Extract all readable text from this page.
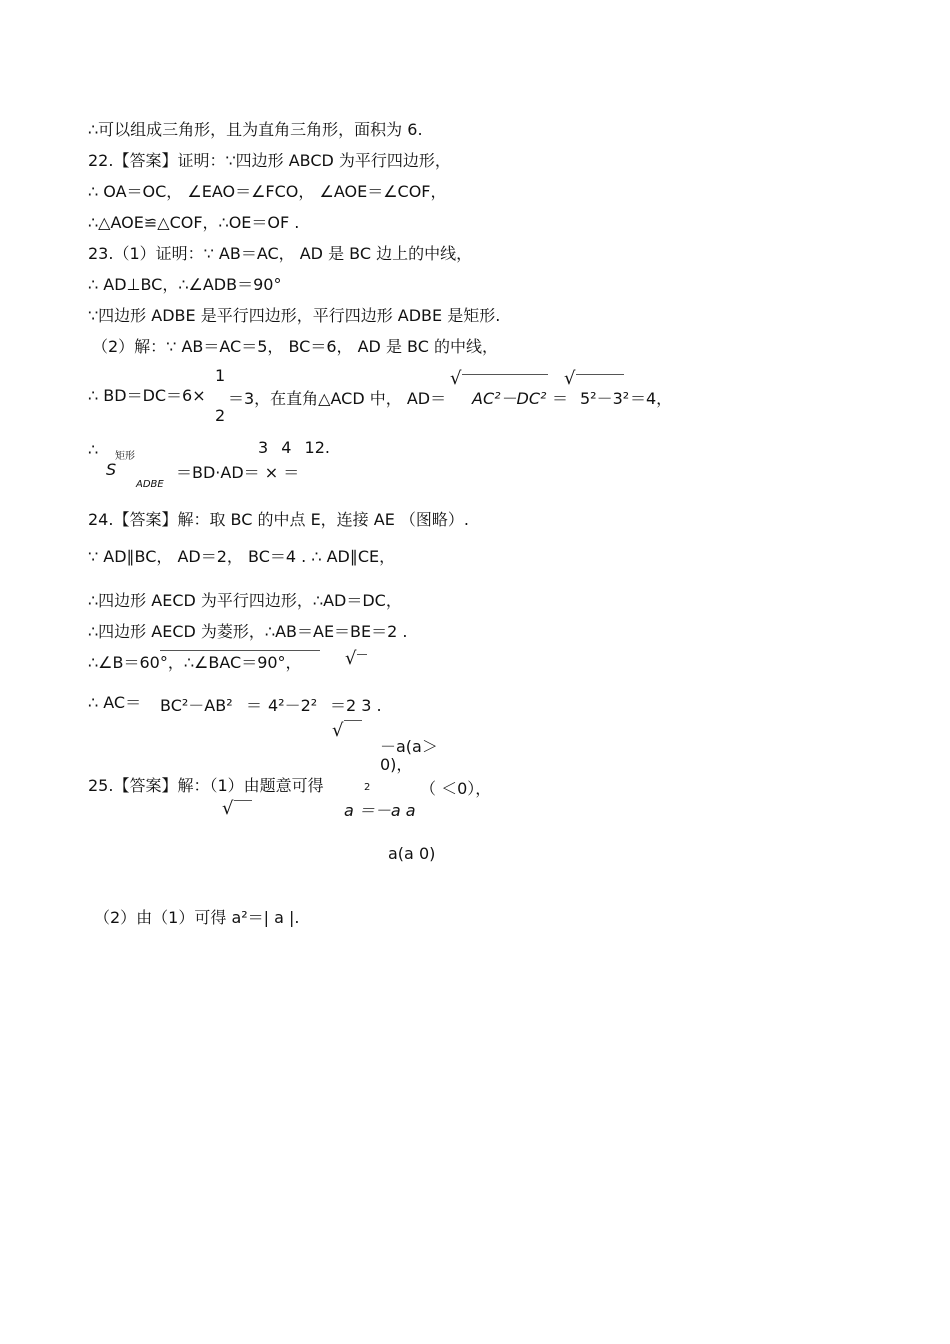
∴可以组成三角形，且为直角三角形，面积为 6.
22.【答案】证明：∵四边形 ABCD 为平行四边形，
∴ OA＝OC， ∠EAO＝∠FCO， ∠AOE＝∠COF，
∴△AOE≌△COF，∴OE＝OF .
23.（1）证明：∵ AB＝AC， AD 是 BC 边上的中线，
∴ AD⊥BC，∴∠ADB＝90°
∵四边形 ADBE 是平行四边形，平行四边形 ADBE 是矩形.
（2）解：∵ AB＝AC＝5， BC＝6， AD 是 BC 的中线，
∴ BD＝DC＝6×
1
2
＝3，在直角△ACD 中， AD＝
√
AC²－DC² ＝
√
5²－3² ＝4，
∴ 矩形
S
ADBE
3 4 12.
＝BD·AD＝ × ＝
24.【答案】解：取 BC 的中点 E，连接 AE （图略）.
∵ AD∥BC， AD＝2， BC＝4 . ∴ AD∥CE，
∴四边形 AECD 为平行四边形，∴AD＝DC，
∴四边形 AECD 为菱形，∴AB＝AE＝BE＝2 .
∴∠B＝60°，∴∠BAC＝90°， √
∴ AC＝ BC²－AB² ＝ 4²－2² ＝2 3 .
√
－a(a＞0)，
25.【答案】解：（1）由题意可得	2	（ ＜0），
√	a ＝－a a
a(a 0)
（2）由（1）可得 a²＝| a |.
